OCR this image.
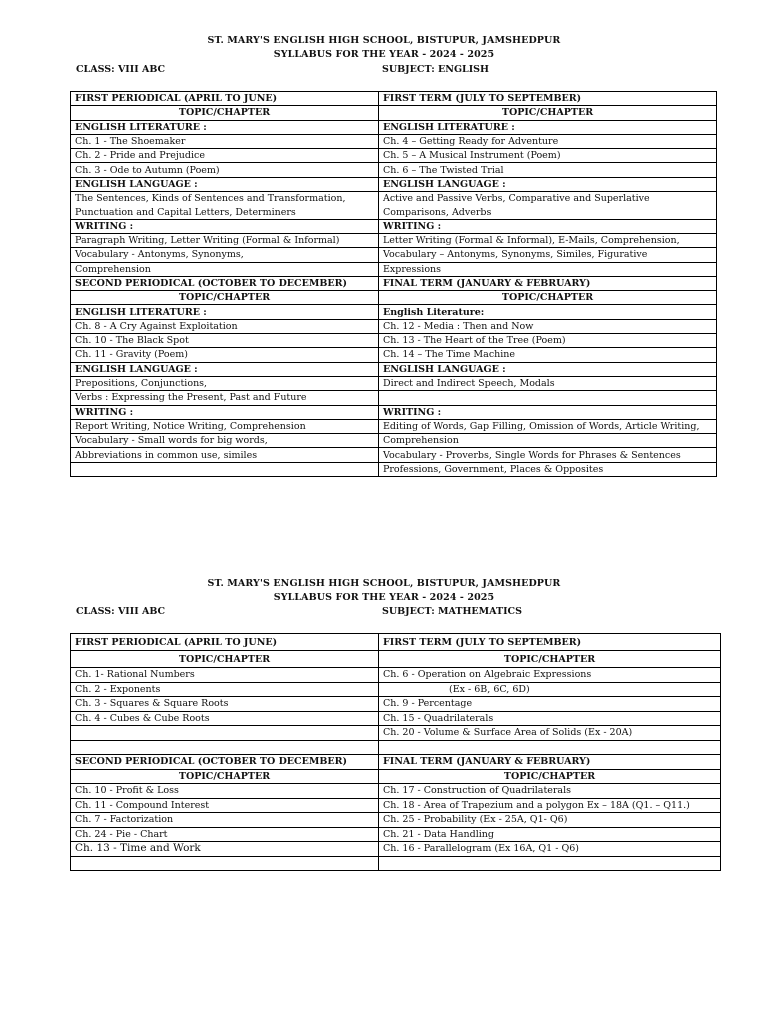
ST. MARY'S ENGLISH HIGH SCHOOL, BISTUPUR, JAMSHEDPUR
SYLLABUS FOR THE YEAR - 2024 - 2025
CLASS: VIII ABC	SUBJECT: ENGLISH
FIRST PERIODICAL (APRIL TO JUNE)	FIRST TERM (JULY TO SEPTEMBER)
TOPIC/CHAPTER	TOPIC/CHAPTER
ENGLISH LITERATURE :	ENGLISH LITERATURE :
Ch. 1 - The Shoemaker	Ch. 4 – Getting Ready for Adventure
Ch. 2 - Pride and Prejudice	Ch. 5 – A Musical Instrument (Poem)
Ch. 3 - Ode to Autumn (Poem)	Ch. 6 – The Twisted Trial
ENGLISH LANGUAGE :	ENGLISH LANGUAGE :
The Sentences, Kinds of Sentences and Transformation,	Active and Passive Verbs, Comparative and Superlative
Punctuation and Capital Letters, Determiners	Comparisons, Adverbs
WRITING :	WRITING :
Paragraph Writing, Letter Writing (Formal & Informal)	Letter Writing (Formal & Informal), E-Mails, Comprehension,
Vocabulary - Antonyms, Synonyms,	Vocabulary – Antonyms, Synonyms, Similes, Figurative
Comprehension	Expressions
SECOND PERIODICAL (OCTOBER TO DECEMBER)	FINAL TERM (JANUARY & FEBRUARY)
TOPIC/CHAPTER	TOPIC/CHAPTER
ENGLISH LITERATURE :	English Literature:
Ch. 8 - A Cry Against Exploitation	Ch. 12 - Media : Then and Now
Ch. 10 - The Black Spot	Ch. 13 - The Heart of the Tree (Poem)
Ch. 11 - Gravity (Poem)	Ch. 14 – The Time Machine
ENGLISH LANGUAGE :	ENGLISH LANGUAGE :
Prepositions, Conjunctions,	Direct and Indirect Speech, Modals
Verbs : Expressing the Present, Past and Future	
WRITING :	WRITING :
Report Writing, Notice Writing, Comprehension	Editing of Words, Gap Filling, Omission of Words, Article Writing,
Vocabulary - Small words for big words,	Comprehension
Abbreviations in common use, similes	Vocabulary - Proverbs, Single Words for Phrases & Sentences
	Professions, Government, Places & Opposites
ST. MARY'S ENGLISH HIGH SCHOOL, BISTUPUR, JAMSHEDPUR
SYLLABUS FOR THE YEAR - 2024 - 2025
CLASS: VIII ABC	SUBJECT: MATHEMATICS
FIRST PERIODICAL (APRIL TO JUNE)	FIRST TERM (JULY TO SEPTEMBER)
TOPIC/CHAPTER	TOPIC/CHAPTER
Ch. 1- Rational Numbers	Ch. 6 - Operation on Algebraic Expressions
Ch. 2 - Exponents	(Ex - 6B, 6C, 6D)
Ch. 3 - Squares & Square Roots	Ch. 9 - Percentage
Ch. 4 - Cubes & Cube Roots	Ch. 15 - Quadrilaterals
	Ch. 20 - Volume & Surface Area of Solids (Ex - 20A)

SECOND PERIODICAL (OCTOBER TO DECEMBER)	FINAL TERM (JANUARY & FEBRUARY)
TOPIC/CHAPTER	TOPIC/CHAPTER
Ch. 10 - Profit & Loss	Ch. 17 - Construction of Quadrilaterals
Ch. 11 - Compound Interest	Ch. 18 - Area of Trapezium and a polygon Ex – 18A (Q1. – Q11.)
Ch. 7 - Factorization	Ch. 25 - Probability (Ex - 25A, Q1- Q6)
Ch. 24 - Pie - Chart	Ch. 21 - Data Handling
Ch. 13 - Time and Work	Ch. 16 - Parallelogram (Ex 16A, Q1 - Q6)
